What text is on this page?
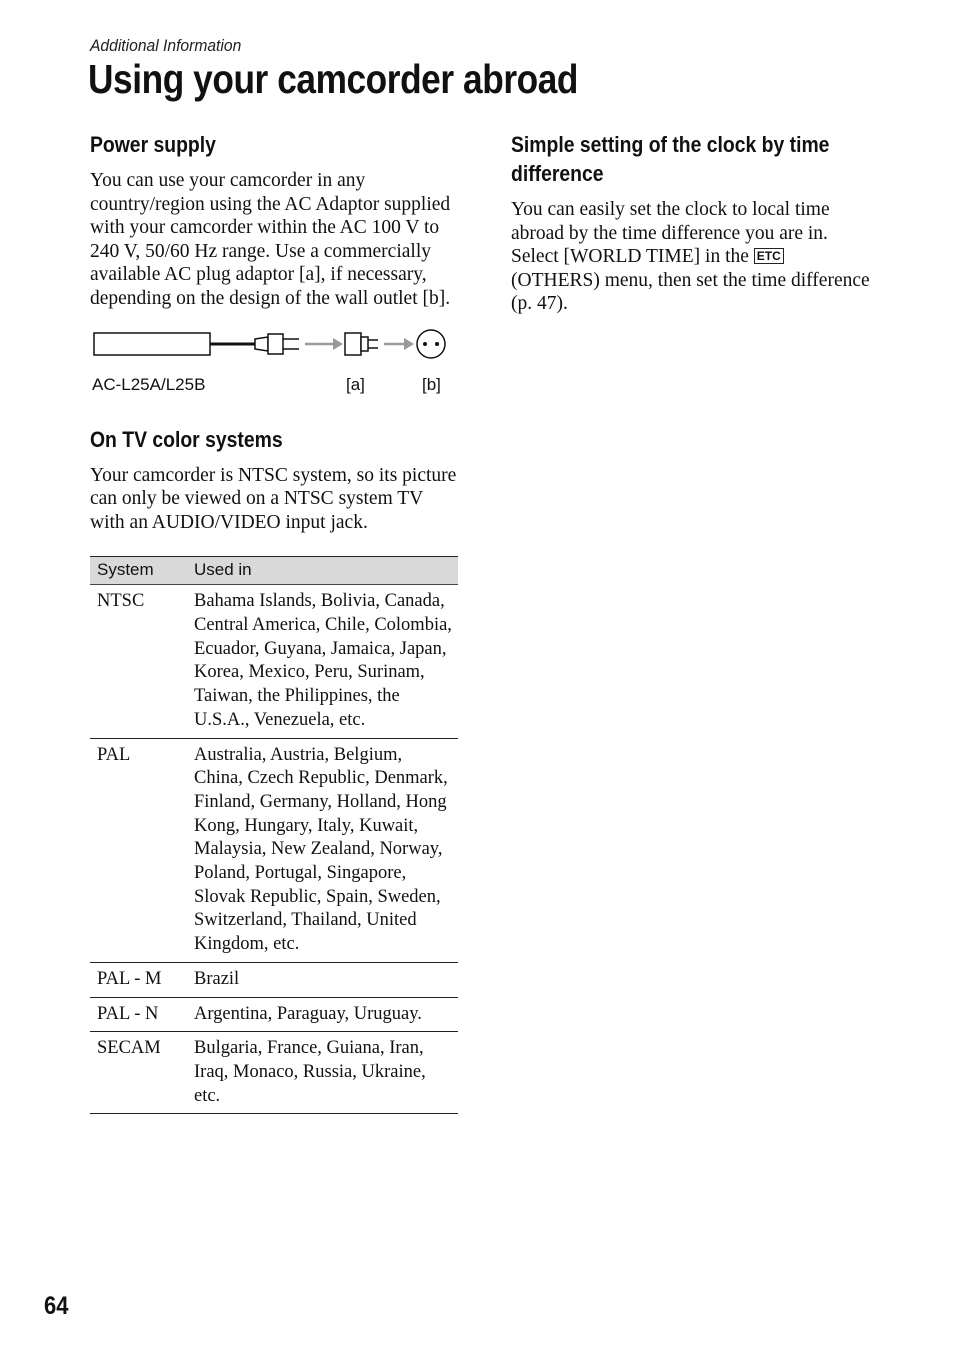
Additional Information
Using your camcorder abroad
Power supply

You can use your camcorder in any country/region using the AC Adaptor supplied with your camcorder within the AC 100 V to 240 V, 50/60 Hz range. Use a commercially available AC plug adaptor [a], if necessary, depending on the design of the wall outlet [b].

AC-L25A/L25B	[a]	[b]
On TV color systems

Your camcorder is NTSC system, so its picture can only be viewed on a NTSC system TV with an AUDIO/VIDEO input jack.

System	Used in
NTSC	Bahama Islands, Bolivia, Canada, Central America, Chile, Colombia, Ecuador, Guyana, Jamaica, Japan, Korea, Mexico, Peru, Surinam, Taiwan, the Philippines, the U.S.A., Venezuela, etc.
PAL	Australia, Austria, Belgium, China, Czech Republic, Denmark, Finland, Germany, Holland, Hong Kong, Hungary, Italy, Kuwait, Malaysia, New Zealand, Norway, Poland, Portugal, Singapore, Slovak Republic, Spain, Sweden, Switzerland, Thailand, United Kingdom, etc.
PAL - M	Brazil
PAL - N	Argentina, Paraguay, Uruguay.
SECAM	Bulgaria, France, Guiana, Iran, Iraq, Monaco, Russia, Ukraine, etc.
Simple setting of the clock by time difference

You can easily set the clock to local time abroad by the time difference you are in. Select [WORLD TIME] in the ETC (OTHERS) menu, then set the time difference (p. 47).

64
